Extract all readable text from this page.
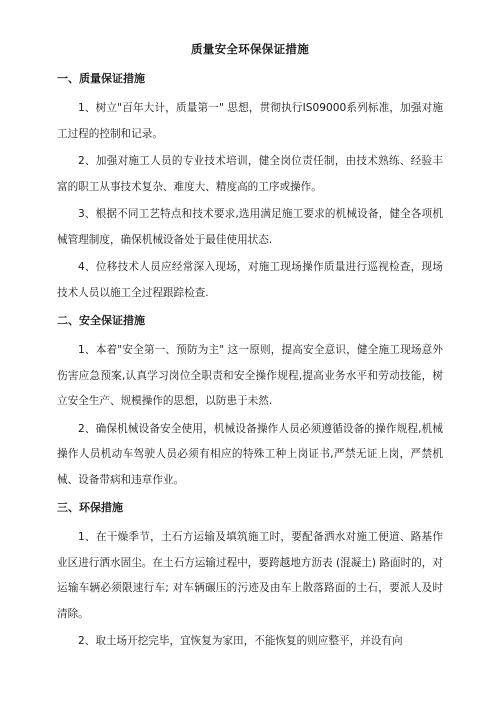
质量安全环保保证措施
一、质量保证措施

1、树立"百年大计，质量第一" 思想，贯彻执行IS09000系列标准，加强对施工过程的控制和记录。

2、加强对施工人员的专业技术培训，健全岗位责任制，由技术熟练、经验丰富的职工从事技术复杂、难度大、精度高的工序或操作。

3、根据不同工艺特点和技术要求,选用满足施工要求的机械设备，健全各项机械管理制度，确保机械设备处于最佳使用状态.

4、位移技术人员应经常深入现场，对施工现场操作质量进行巡视检查，现场技术人员以施工全过程跟踪检查.

二、安全保证措施

1、本着"安全第一、预防为主" 这一原则，提高安全意识，健全施工现场意外伤害应急预案,认真学习岗位全职责和安全操作规程,提高业务水平和劳动技能，树立安全生产、规模操作的思想，以防患于未然.

2、确保机械设备安全使用，机械设备操作人员必须遵循设备的操作规程,机械操作人员机动车驾驶人员必须有相应的特殊工种上岗证书,严禁无证上岗，严禁机械、设备带病和违章作业。

三、环保措施

1、在干燥季节，土石方运输及填筑施工时，要配备洒水对施工便道、路基作业区进行洒水固尘。在土石方运输过程中，要跨越地方沥表 (混凝土) 路面时的，对运输车辆必须限速行车; 对车辆碾压的污迹及由车上散落路面的土石，要派人及时清除。

2、取土场开挖完毕，宜恢复为家田，不能恢复的则应整平，并设有向
